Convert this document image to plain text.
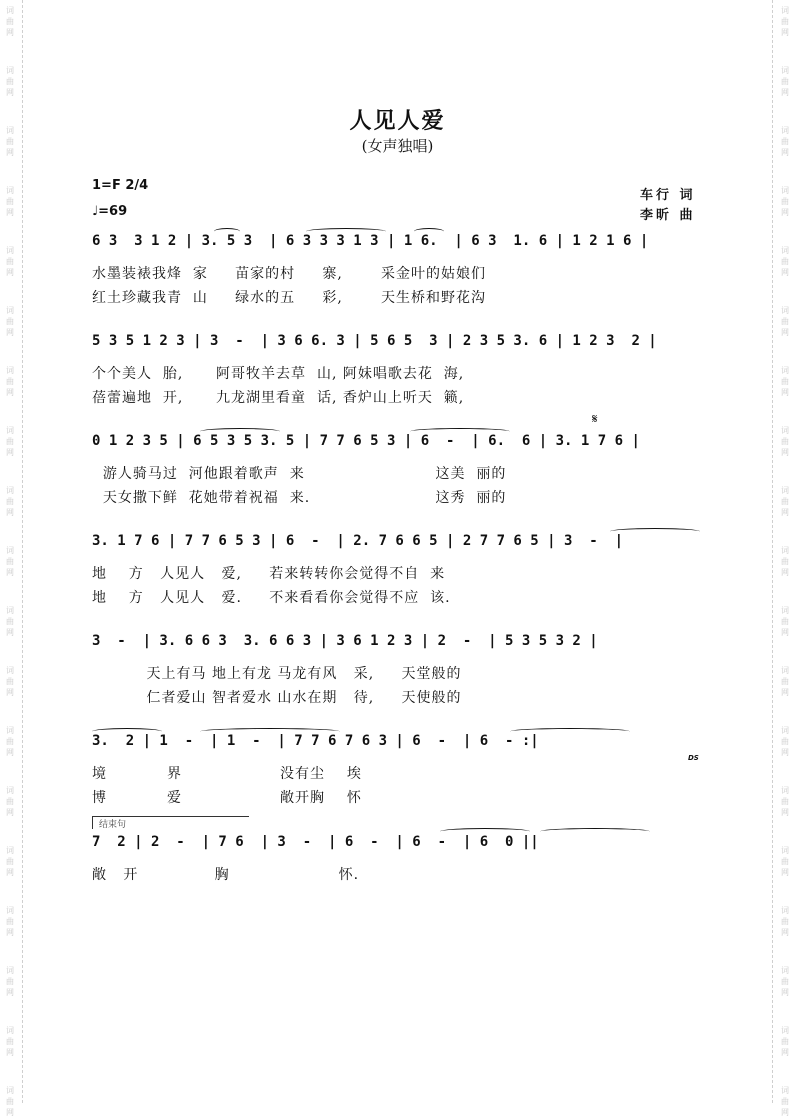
词
曲
网
词
曲
网
词
曲
网
词
曲
网
词
曲
网
词
曲
网
词
曲
网
词
曲
网
词
曲
网
词
曲
网
词
曲
网
词
曲
网
词
曲
网
词
曲
网
词
曲
网
词
曲
网
词
曲
网
词
曲
网
词
曲
网
词
曲
网
词
曲
网
词
曲
网
词
曲
网
词
曲
网
词
曲
网
词
曲
网
词
曲
网
词
曲
网
词
曲
网
词
曲
网
词
曲
网
词
曲
网
词
曲
网
词
曲
网
词
曲
网
词
曲
网
词
曲
网
词
曲
网
人见人爱
(女声独唱)
1=F 2/4
♩=69
车行 词
李昕 曲
𝄋
DS
结束句
6 3  3 1 2 | 3. 5 3  | 6 3 3 3 1 3 | 1 6.  | 6 3  1. 6 | 1 2 1 6 |
水墨装裱我烽  家     苗家的村     寨,       采金叶的姑娘们
红土珍藏我青  山     绿水的五     彩,       天生桥和野花沟
5 3 5 1 2 3 | 3  -  | 3 6 6. 3 | 5 6 5  3 | 2 3 5 3. 6 | 1 2 3  2 |
个个美人  胎,      阿哥牧羊去草  山, 阿妹唱歌去花  海,
蓓蕾遍地  开,      九龙湖里看童  话, 香炉山上听天  籁,
0 1 2 3 5 | 6 5 3 5 3. 5 | 7 7 6 5 3 | 6  -  | 6.  6 | 3. 1 7 6 |
游人骑马过  河他跟着歌声  来                        这美  丽的
天女撒下鲜  花她带着祝福  来.                       这秀  丽的
3. 1 7 6 | 7 7 6 5 3 | 6  -  | 2. 7 6 6 5 | 2 7 7 6 5 | 3  -  |
地    方   人见人   爱,     若来转转你会觉得不自  来
地    方   人见人   爱.     不来看看你会觉得不应  该.
3  -  | 3. 6 6 3  3. 6 6 3 | 3 6 1 2 3 | 2  -  | 5 3 5 3 2 |
天上有马 地上有龙 马龙有风   采,     天堂般的
仁者爱山 智者爱水 山水在期   待,     天使般的
3.  2 | 1  -  | 1  -  | 7 7 6 7 6 3 | 6  -  | 6  - :|
境           界                  没有尘    埃
博           爱                  敞开胸    怀
7  2 | 2  -  | 7 6  | 3  -  | 6  -  | 6  -  | 6  0 ||
敞   开              胸                    怀.
